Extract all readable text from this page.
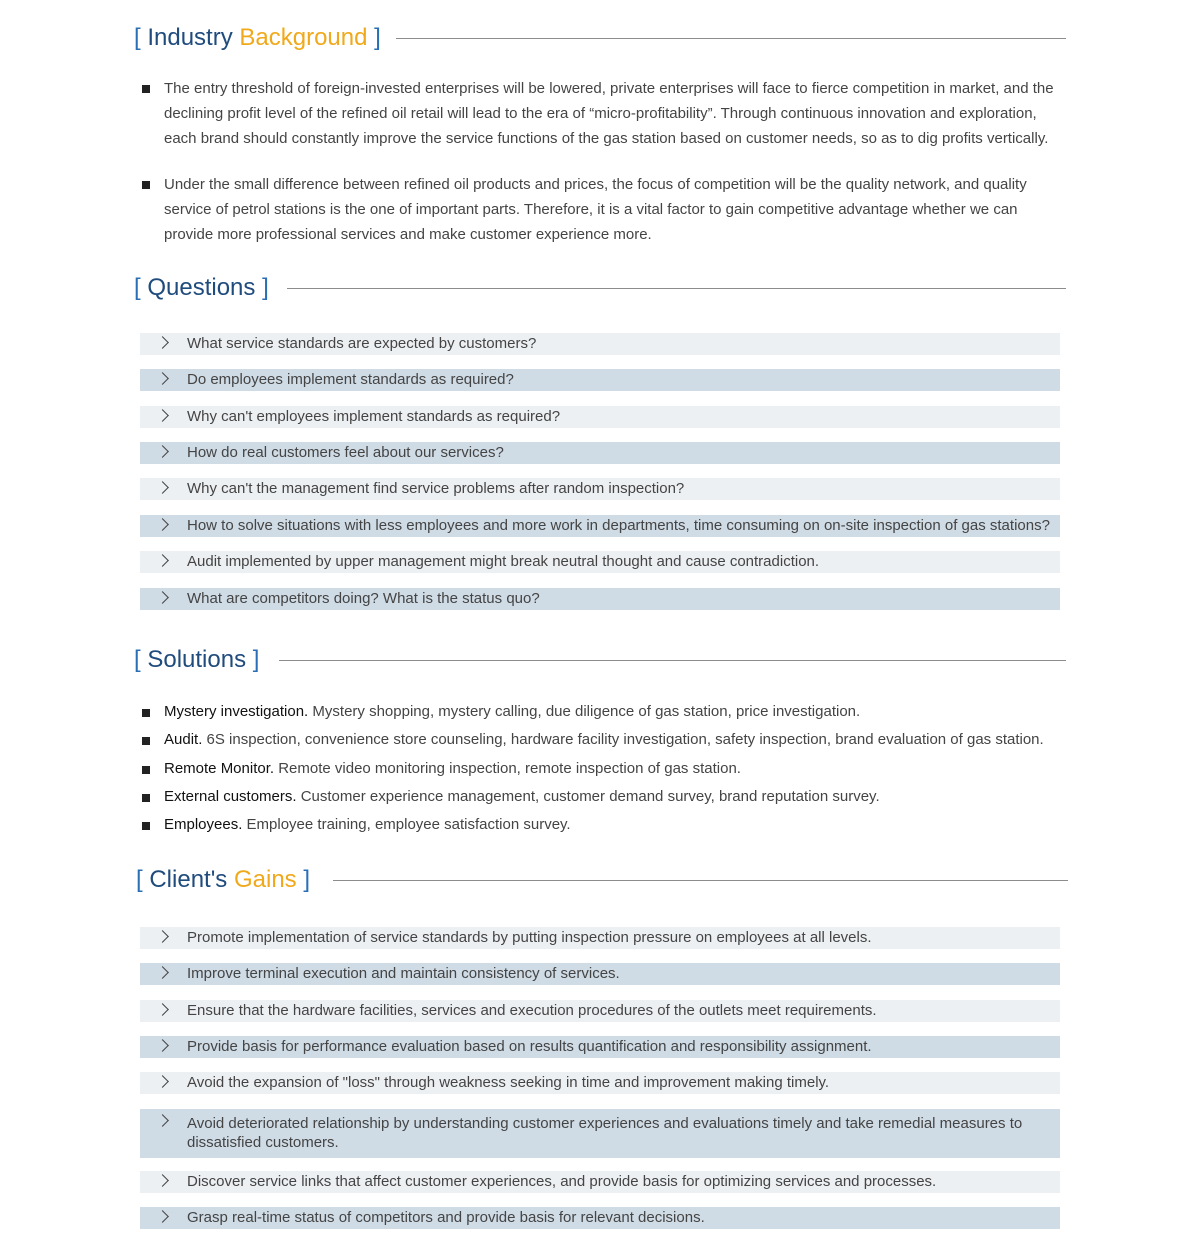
[ Industry Background ]
The entry threshold of foreign-invested enterprises will be lowered, private enterprises will face to fierce competition in market, and the declining profit level of the refined oil retail will lead to the era of “micro-profitability”. Through continuous innovation and exploration, each brand should constantly improve the service functions of the gas station based on customer needs, so as to dig profits vertically.
Under the small difference between refined oil products and prices, the focus of competition will be the quality network, and quality service of petrol stations is the one of important parts. Therefore, it is a vital factor to gain competitive advantage whether we can provide more professional services and make customer experience more.
[ Questions ]
What service standards are expected by customers?
Do employees implement standards as required?
Why can't employees implement standards as required?
How do real customers feel about our services?
Why can't the management find service problems after random inspection?
How to solve situations with less employees and more work in departments, time consuming on on-site inspection of gas stations?
Audit implemented by upper management might break neutral thought and cause contradiction.
What are competitors doing? What is the status quo?
[ Solutions ]
Mystery investigation. Mystery shopping, mystery calling, due diligence of gas station, price investigation.
Audit. 6S inspection, convenience store counseling, hardware facility investigation, safety inspection, brand evaluation of gas station.
Remote Monitor. Remote video monitoring inspection, remote inspection of gas station.
External customers. Customer experience management, customer demand survey, brand reputation survey.
Employees. Employee training, employee satisfaction survey.
[ Client's Gains ]
Promote implementation of service standards by putting inspection pressure on employees at all levels.
Improve terminal execution and maintain consistency of services.
Ensure that the hardware facilities, services and execution procedures of the outlets meet requirements.
Provide basis for performance evaluation based on results quantification and responsibility assignment.
Avoid the expansion of "loss" through weakness seeking in time and improvement making timely.
Avoid deteriorated relationship by understanding customer experiences and evaluations timely and take remedial measures to dissatisfied customers.
Discover service links that affect customer experiences, and provide basis for optimizing services and processes.
Grasp real-time status of competitors and provide basis for relevant decisions.
